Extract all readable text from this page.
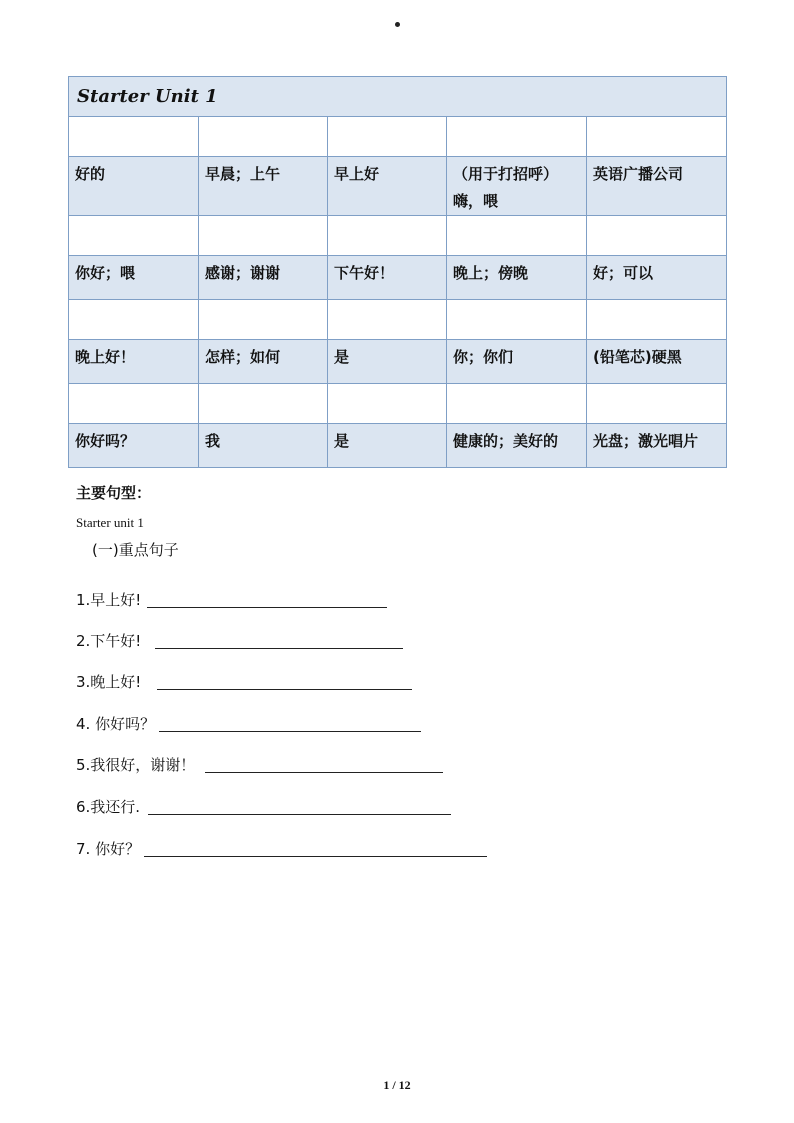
Starter Unit 1				

好的	早晨；上午	早上好	（用于打招呼）嗨，喂	英语广播公司

你好；喂	感谢；谢谢	下午好！	晚上；傍晚	好；可以

晚上好！	怎样；如何	是	你；你们	(铅笔芯)硬黑

你好吗？	我	是	健康的；美好的	光盘；激光唱片
主要句型：
Starter unit 1
(一)重点句子
1.早上好!
2.下午好!
3.晚上好!
4. 你好吗？
5.我很好，谢谢！
6.我还行.
7. 你好？
1 / 12
